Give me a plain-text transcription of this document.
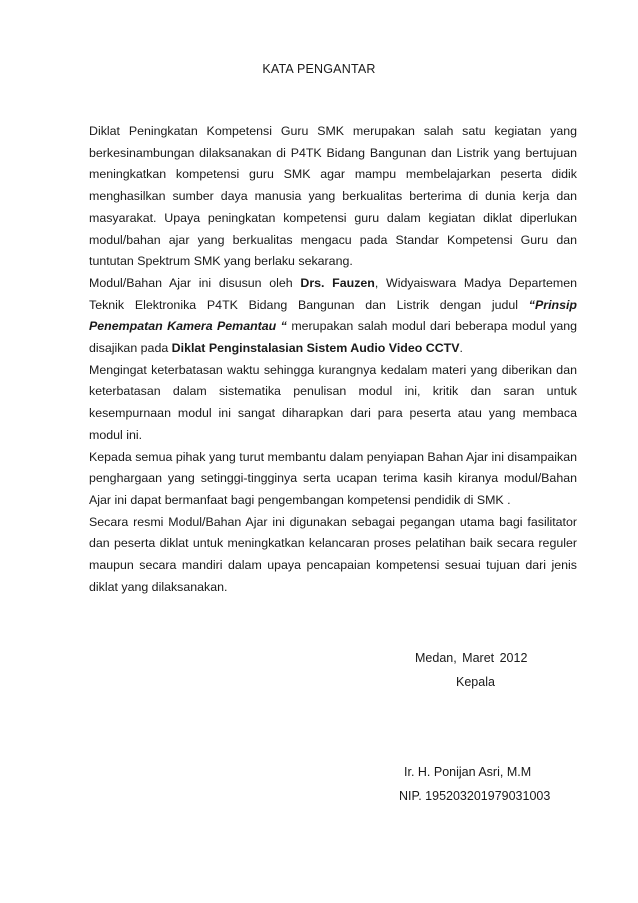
KATA PENGANTAR

Diklat Peningkatan Kompetensi Guru SMK merupakan salah satu kegiatan yang berkesinambungan dilaksanakan di P4TK Bidang Bangunan dan Listrik yang bertujuan meningkatkan kompetensi guru SMK agar mampu membelajarkan peserta didik menghasilkan sumber daya manusia yang berkualitas berterima di dunia kerja dan masyarakat. Upaya peningkatan kompetensi guru dalam kegiatan diklat diperlukan modul/bahan ajar yang berkualitas mengacu pada Standar Kompetensi Guru dan tuntutan Spektrum SMK yang berlaku sekarang.

Modul/Bahan Ajar ini disusun oleh Drs. Fauzen, Widyaiswara Madya Departemen Teknik Elektronika P4TK Bidang Bangunan dan Listrik dengan judul “Prinsip Penempatan Kamera Pemantau “ merupakan salah modul dari beberapa modul yang disajikan pada Diklat Penginstalasian Sistem Audio Video CCTV.

Mengingat keterbatasan waktu sehingga kurangnya kedalam materi yang diberikan dan keterbatasan dalam sistematika penulisan modul ini, kritik dan saran untuk kesempurnaan modul ini sangat diharapkan dari para peserta atau yang membaca modul ini.

Kepada semua pihak yang turut membantu dalam penyiapan Bahan Ajar ini disampaikan penghargaan yang setinggi-tingginya serta ucapan terima kasih kiranya modul/Bahan Ajar ini dapat bermanfaat bagi pengembangan kompetensi pendidik di SMK .

Secara resmi Modul/Bahan Ajar ini digunakan sebagai pegangan utama bagi fasilitator dan peserta diklat untuk meningkatkan kelancaran proses pelatihan baik secara reguler maupun secara mandiri dalam upaya pencapaian kompetensi sesuai tujuan dari jenis diklat yang dilaksanakan.

Medan, Maret 2012
Kepala
Ir. H. Ponijan Asri, M.M
NIP. 195203201979031003
